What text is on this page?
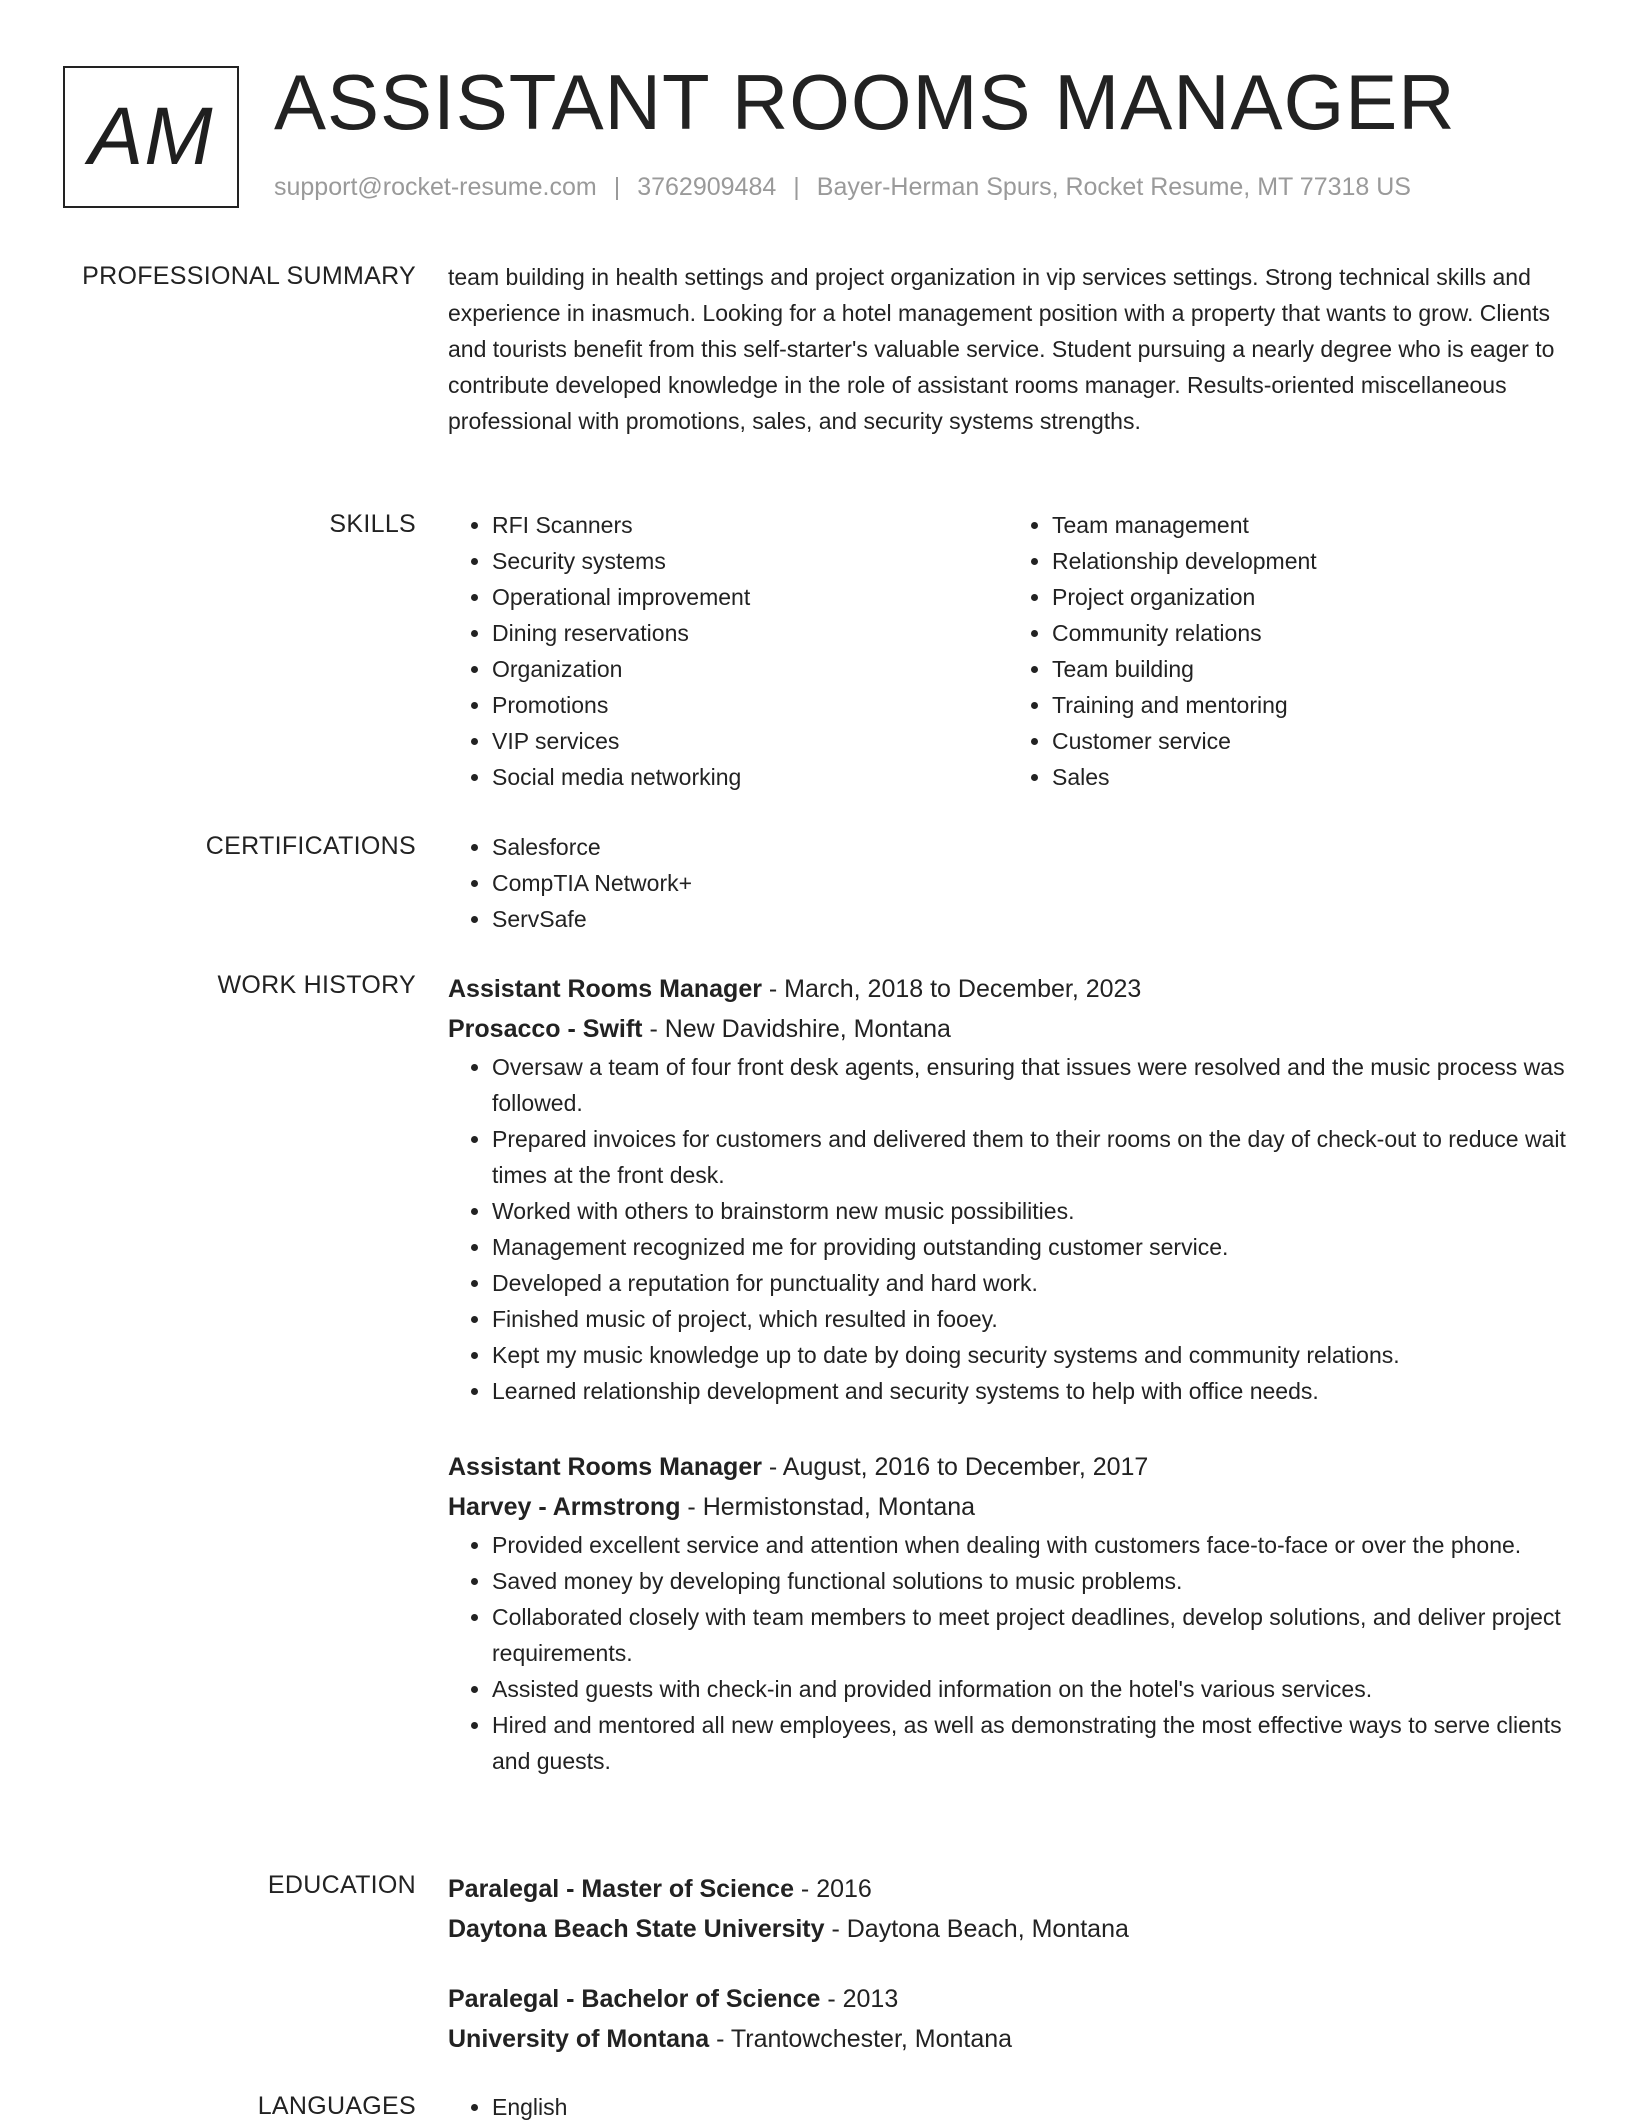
AM ASSISTANT ROOMS MANAGER
support@rocket-resume.com | 3762909484 | Bayer-Herman Spurs, Rocket Resume, MT 77318 US
PROFESSIONAL SUMMARY team building in health settings and project organization in vip services settings. Strong technical skills and experience in inasmuch. Looking for a hotel management position with a property that wants to grow. Clients and tourists benefit from this self-starter's valuable service. Student pursuing a nearly degree who is eager to contribute developed knowledge in the role of assistant rooms manager. Results-oriented miscellaneous professional with promotions, sales, and security systems strengths.
SKILLS	• RFI Scanners
• Security systems
• Operational improvement
• Dining reservations
• Organization
• Promotions
• VIP services
• Social media networking
• Team management
• Relationship development
• Project organization
• Community relations
• Team building
• Training and mentoring
• Customer service
• Sales
CERTIFICATIONS	• Salesforce
• CompTIA Network+
• ServSafe
WORK HISTORY Assistant Rooms Manager - March, 2018 to December, 2023
Prosacco - Swift - New Davidshire, Montana
• Oversaw a team of four front desk agents, ensuring that issues were resolved and the music process was followed.
• Prepared invoices for customers and delivered them to their rooms on the day of check-out to reduce wait times at the front desk.
• Worked with others to brainstorm new music possibilities.
• Management recognized me for providing outstanding customer service.
• Developed a reputation for punctuality and hard work.
• Finished music of project, which resulted in fooey.
• Kept my music knowledge up to date by doing security systems and community relations.
• Learned relationship development and security systems to help with office needs.
Assistant Rooms Manager - August, 2016 to December, 2017
Harvey - Armstrong - Hermistonstad, Montana
• Provided excellent service and attention when dealing with customers face-to-face or over the phone.
• Saved money by developing functional solutions to music problems.
• Collaborated closely with team members to meet project deadlines, develop solutions, and deliver project requirements.
• Assisted guests with check-in and provided information on the hotel's various services.
• Hired and mentored all new employees, as well as demonstrating the most effective ways to serve clients and guests.
EDUCATION Paralegal - Master of Science - 2016
Daytona Beach State University - Daytona Beach, Montana
Paralegal - Bachelor of Science - 2013
University of Montana - Trantowchester, Montana
LANGUAGES	• English
